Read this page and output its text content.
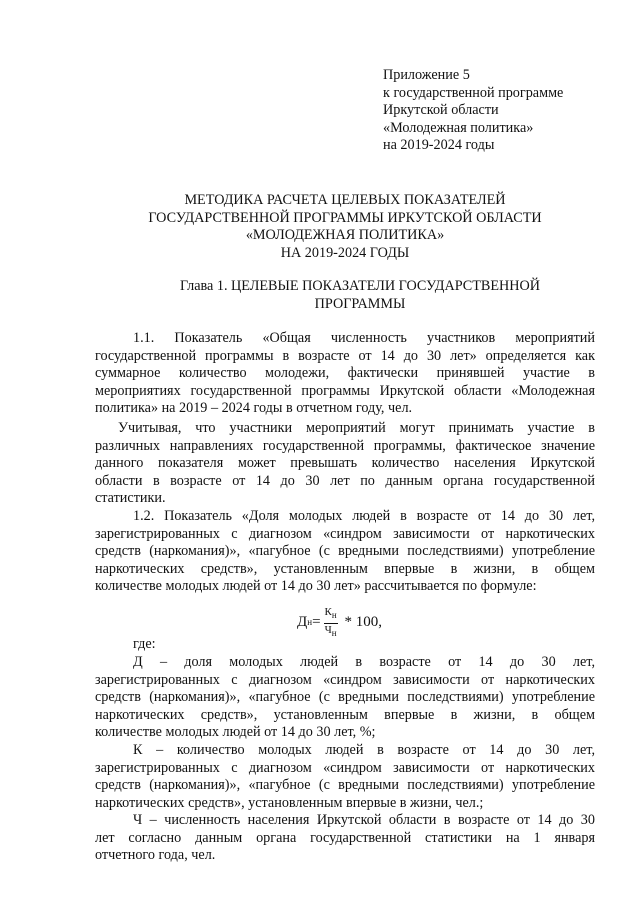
Приложение 5
к государственной программе
Иркутской области
«Молодежная политика»
на 2019-2024 годы
МЕТОДИКА РАСЧЕТА ЦЕЛЕВЫХ ПОКАЗАТЕЛЕЙ
ГОСУДАРСТВЕННОЙ ПРОГРАММЫ ИРКУТСКОЙ ОБЛАСТИ
«МОЛОДЕЖНАЯ ПОЛИТИКА»
НА 2019-2024 ГОДЫ
Глава 1. ЦЕЛЕВЫЕ ПОКАЗАТЕЛИ ГОСУДАРСТВЕННОЙ
ПРОГРАММЫ
1.1. Показатель «Общая численность участников мероприятий
государственной программы в возрасте от 14 до 30 лет» определяется как
суммарное количество молодежи, фактически принявшей участие в
мероприятиях государственной программы Иркутской области «Молодежная
политика» на 2019 – 2024 годы в отчетном году, чел.
Учитывая, что участники мероприятий могут принимать участие в
различных направлениях государственной программы, фактическое значение
данного показателя может превышать количество населения Иркутской
области в возрасте от 14 до 30 лет по данным органа государственной
статистики.
1.2. Показатель «Доля молодых людей в возрасте от 14 до 30 лет,
зарегистрированных с диагнозом «синдром зависимости от наркотических
средств (наркомания)», «пагубное (с вредными последствиями) употребление
наркотических средств», установленным впервые в жизни, в общем
количестве молодых людей от 14 до 30 лет» рассчитывается по формуле:
Д $н = \frac{К_н}{Ч_н} * 100$,
где:
Д – доля молодых людей в возрасте от 14 до 30 лет,
зарегистрированных с диагнозом «синдром зависимости от наркотических
средств (наркомания)», «пагубное (с вредными последствиями) употребление
наркотических средств», установленным впервые в жизни, в общем
количестве молодых людей от 14 до 30 лет, %;
К – количество молодых людей в возрасте от 14 до 30 лет,
зарегистрированных с диагнозом «синдром зависимости от наркотических
средств (наркомания)», «пагубное (с вредными последствиями) употребление
наркотических средств», установленным впервые в жизни, чел.;
Ч – численность населения Иркутской области в возрасте от 14 до 30
лет согласно данным органа государственной статистики на 1 января
отчетного года, чел.
